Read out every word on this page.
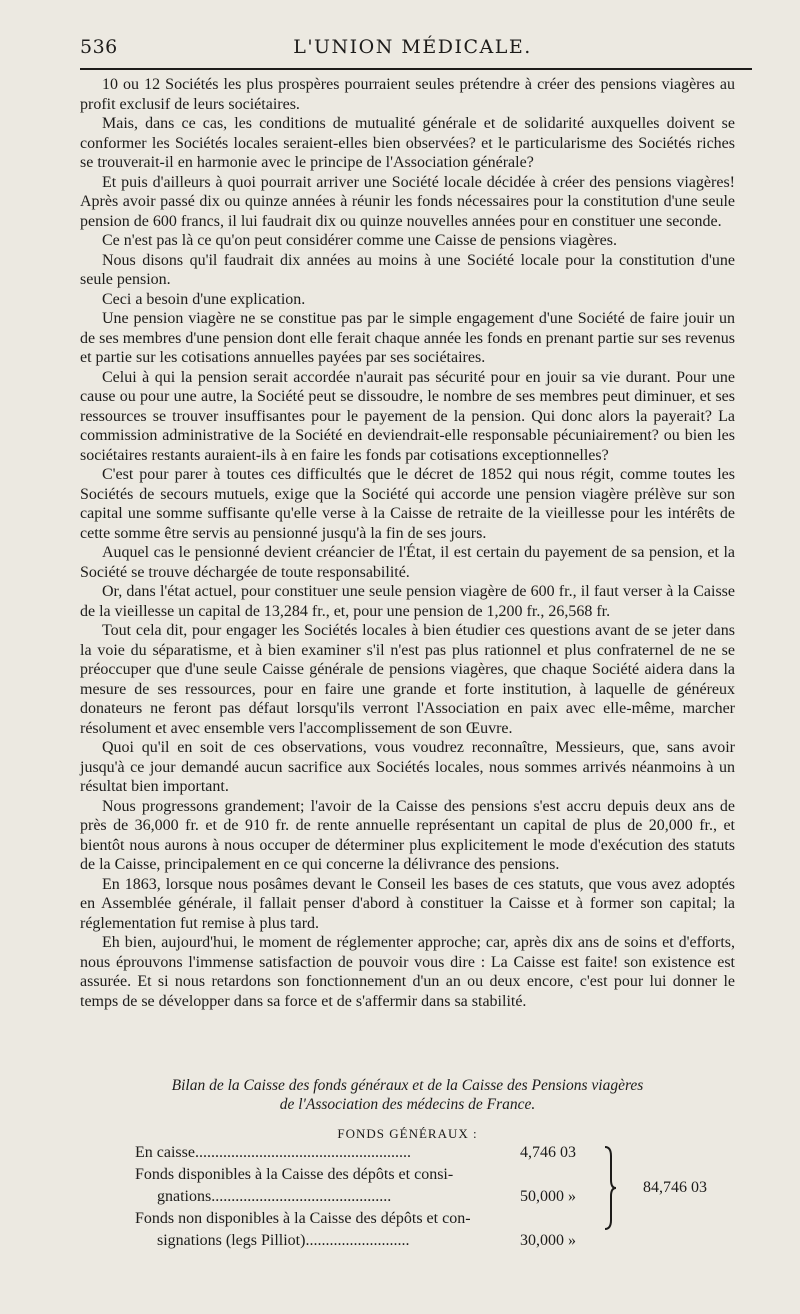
536	L'UNION MÉDICALE.

10 ou 12 Sociétés les plus prospères pourraient seules prétendre à créer des pensions viagères au profit exclusif de leurs sociétaires.

Mais, dans ce cas, les conditions de mutualité générale et de solidarité auxquelles doivent se conformer les Sociétés locales seraient-elles bien observées? et le particularisme des Sociétés riches se trouverait-il en harmonie avec le principe de l'Association générale?

Et puis d'ailleurs à quoi pourrait arriver une Société locale décidée à créer des pensions viagères! Après avoir passé dix ou quinze années à réunir les fonds nécessaires pour la constitution d'une seule pension de 600 francs, il lui faudrait dix ou quinze nouvelles années pour en constituer une seconde.

Ce n'est pas là ce qu'on peut considérer comme une Caisse de pensions viagères.

Nous disons qu'il faudrait dix années au moins à une Société locale pour la constitution d'une seule pension.

Ceci a besoin d'une explication.

Une pension viagère ne se constitue pas par le simple engagement d'une Société de faire jouir un de ses membres d'une pension dont elle ferait chaque année les fonds en prenant partie sur ses revenus et partie sur les cotisations annuelles payées par ses sociétaires.

Celui à qui la pension serait accordée n'aurait pas sécurité pour en jouir sa vie durant. Pour une cause ou pour une autre, la Société peut se dissoudre, le nombre de ses membres peut diminuer, et ses ressources se trouver insuffisantes pour le payement de la pension. Qui donc alors la payerait? La commission administrative de la Société en deviendrait-elle responsable pécuniairement? ou bien les sociétaires restants auraient-ils à en faire les fonds par cotisations exceptionnelles?

C'est pour parer à toutes ces difficultés que le décret de 1852 qui nous régit, comme toutes les Sociétés de secours mutuels, exige que la Société qui accorde une pension viagère prélève sur son capital une somme suffisante qu'elle verse à la Caisse de retraite de la vieillesse pour les intérêts de cette somme être servis au pensionné jusqu'à la fin de ses jours.

Auquel cas le pensionné devient créancier de l'État, il est certain du payement de sa pension, et la Société se trouve déchargée de toute responsabilité.

Or, dans l'état actuel, pour constituer une seule pension viagère de 600 fr., il faut verser à la Caisse de la vieillesse un capital de 13,284 fr., et, pour une pension de 1,200 fr., 26,568 fr.

Tout cela dit, pour engager les Sociétés locales à bien étudier ces questions avant de se jeter dans la voie du séparatisme, et à bien examiner s'il n'est pas plus rationnel et plus confraternel de ne se préoccuper que d'une seule Caisse générale de pensions viagères, que chaque Société aidera dans la mesure de ses ressources, pour en faire une grande et forte institution, à laquelle de généreux donateurs ne feront pas défaut lorsqu'ils verront l'Association en paix avec elle-même, marcher résolument et avec ensemble vers l'accomplissement de son Œuvre.

Quoi qu'il en soit de ces observations, vous voudrez reconnaître, Messieurs, que, sans avoir jusqu'à ce jour demandé aucun sacrifice aux Sociétés locales, nous sommes arrivés néanmoins à un résultat bien important.

Nous progressons grandement; l'avoir de la Caisse des pensions s'est accru depuis deux ans de près de 36,000 fr. et de 910 fr. de rente annuelle représentant un capital de plus de 20,000 fr., et bientôt nous aurons à nous occuper de déterminer plus explicitement le mode d'exécution des statuts de la Caisse, principalement en ce qui concerne la délivrance des pensions.

En 1863, lorsque nous posâmes devant le Conseil les bases de ces statuts, que vous avez adoptés en Assemblée générale, il fallait penser d'abord à constituer la Caisse et à former son capital; la réglementation fut remise à plus tard.

Eh bien, aujourd'hui, le moment de réglementer approche; car, après dix ans de soins et d'efforts, nous éprouvons l'immense satisfaction de pouvoir vous dire : La Caisse est faite! son existence est assurée. Et si nous retardons son fonctionnement d'un an ou deux encore, c'est pour lui donner le temps de se développer dans sa force et de s'affermir dans sa stabilité.

Bilan de la Caisse des fonds généraux et de la Caisse des Pensions viagères
de l'Association des médecins de France.
FONDS GÉNÉRAUX :
En caisse......................................................	4,746 03
Fonds disponibles à la Caisse des dépôts et consi-
gnations.............................................	50,000 »
Fonds non disponibles à la Caisse des dépôts et con-
signations (legs Pilliot)..........................	30,000 »
84,746 03
